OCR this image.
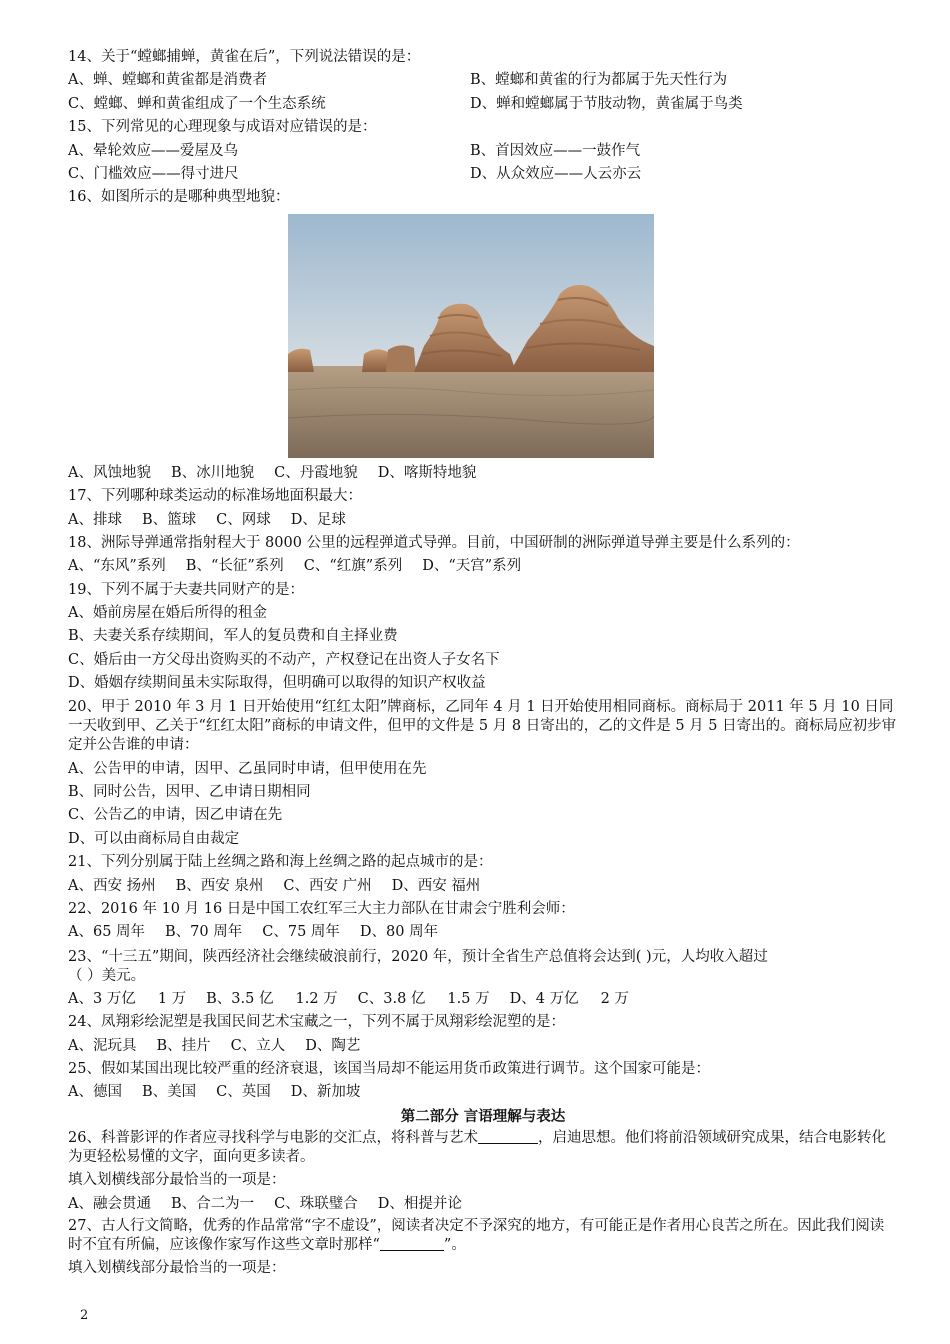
14、关于“螳螂捕蝉，黄雀在后”，下列说法错误的是：
A、蝉、螳螂和黄雀都是消费者	B、螳螂和黄雀的行为都属于先天性行为
C、螳螂、蝉和黄雀组成了一个生态系统	D、蝉和螳螂属于节肢动物，黄雀属于鸟类
15、下列常见的心理现象与成语对应错误的是：
A、晕轮效应——爱屋及乌	B、首因效应——一鼓作气
C、门槛效应——得寸进尺	D、从众效应——人云亦云
16、如图所示的是哪种典型地貌：
A、风蚀地貌 B、冰川地貌 C、丹霞地貌 D、喀斯特地貌
17、下列哪种球类运动的标准场地面积最大：
A、排球 B、篮球 C、网球 D、足球
18、洲际导弹通常指射程大于 8000 公里的远程弹道式导弹。目前，中国研制的洲际弹道导弹主要是什么系列的：
A、“东风”系列 B、“长征”系列 C、“红旗”系列 D、“天宫”系列
19、下列不属于夫妻共同财产的是：
A、婚前房屋在婚后所得的租金
B、夫妻关系存续期间，军人的复员费和自主择业费
C、婚后由一方父母出资购买的不动产，产权登记在出资人子女名下
D、婚姻存续期间虽未实际取得，但明确可以取得的知识产权收益
20、甲于 2010 年 3 月 1 日开始使用“红红太阳”牌商标，乙同年 4 月 1 日开始使用相同商标。商标局于 2011 年 5 月 10 日同一天收到甲、乙关于“红红太阳”商标的申请文件，但甲的文件是 5 月 8 日寄出的，乙的文件是 5 月 5 日寄出的。商标局应初步审定并公告谁的申请：
A、公告甲的申请，因甲、乙虽同时申请，但甲使用在先
B、同时公告，因甲、乙申请日期相同
C、公告乙的申请，因乙申请在先
D、可以由商标局自由裁定
21、下列分别属于陆上丝绸之路和海上丝绸之路的起点城市的是：
A、西安 扬州 B、西安 泉州 C、西安 广州 D、西安 福州
22、2016 年 10 月 16 日是中国工农红军三大主力部队在甘肃会宁胜利会师：
A、65 周年 B、70 周年 C、75 周年 D、80 周年
23、“十三五”期间，陕西经济社会继续破浪前行，2020 年，预计全省生产总值将会达到( )元，人均收入超过
（ ）美元。
A、3 万亿 1 万 B、3.5 亿 1.2 万 C、3.8 亿 1.5 万 D、4 万亿 2 万
24、凤翔彩绘泥塑是我国民间艺术宝藏之一，下列不属于凤翔彩绘泥塑的是：
A、泥玩具 B、挂片 C、立人 D、陶艺
25、假如某国出现比较严重的经济衰退，该国当局却不能运用货币政策进行调节。这个国家可能是：
A、德国 B、美国 C、英国 D、新加坡
第二部分 言语理解与表达
26、科普影评的作者应寻找科学与电影的交汇点，将科普与艺术	，启迪思想。他们将前沿领域研究成果，结合电影转化为更轻松易懂的文字，面向更多读者。
填入划横线部分最恰当的一项是：
A、融会贯通 B、合二为一 C、珠联璧合 D、相提并论
27、古人行文简略，优秀的作品常常“字不虚设”，阅读者决定不予深究的地方，有可能正是作者用心良苦之所在。因此我们阅读时不宜有所偏，应该像作家写作这些文章时那样“	”。
填入划横线部分最恰当的一项是：
2
